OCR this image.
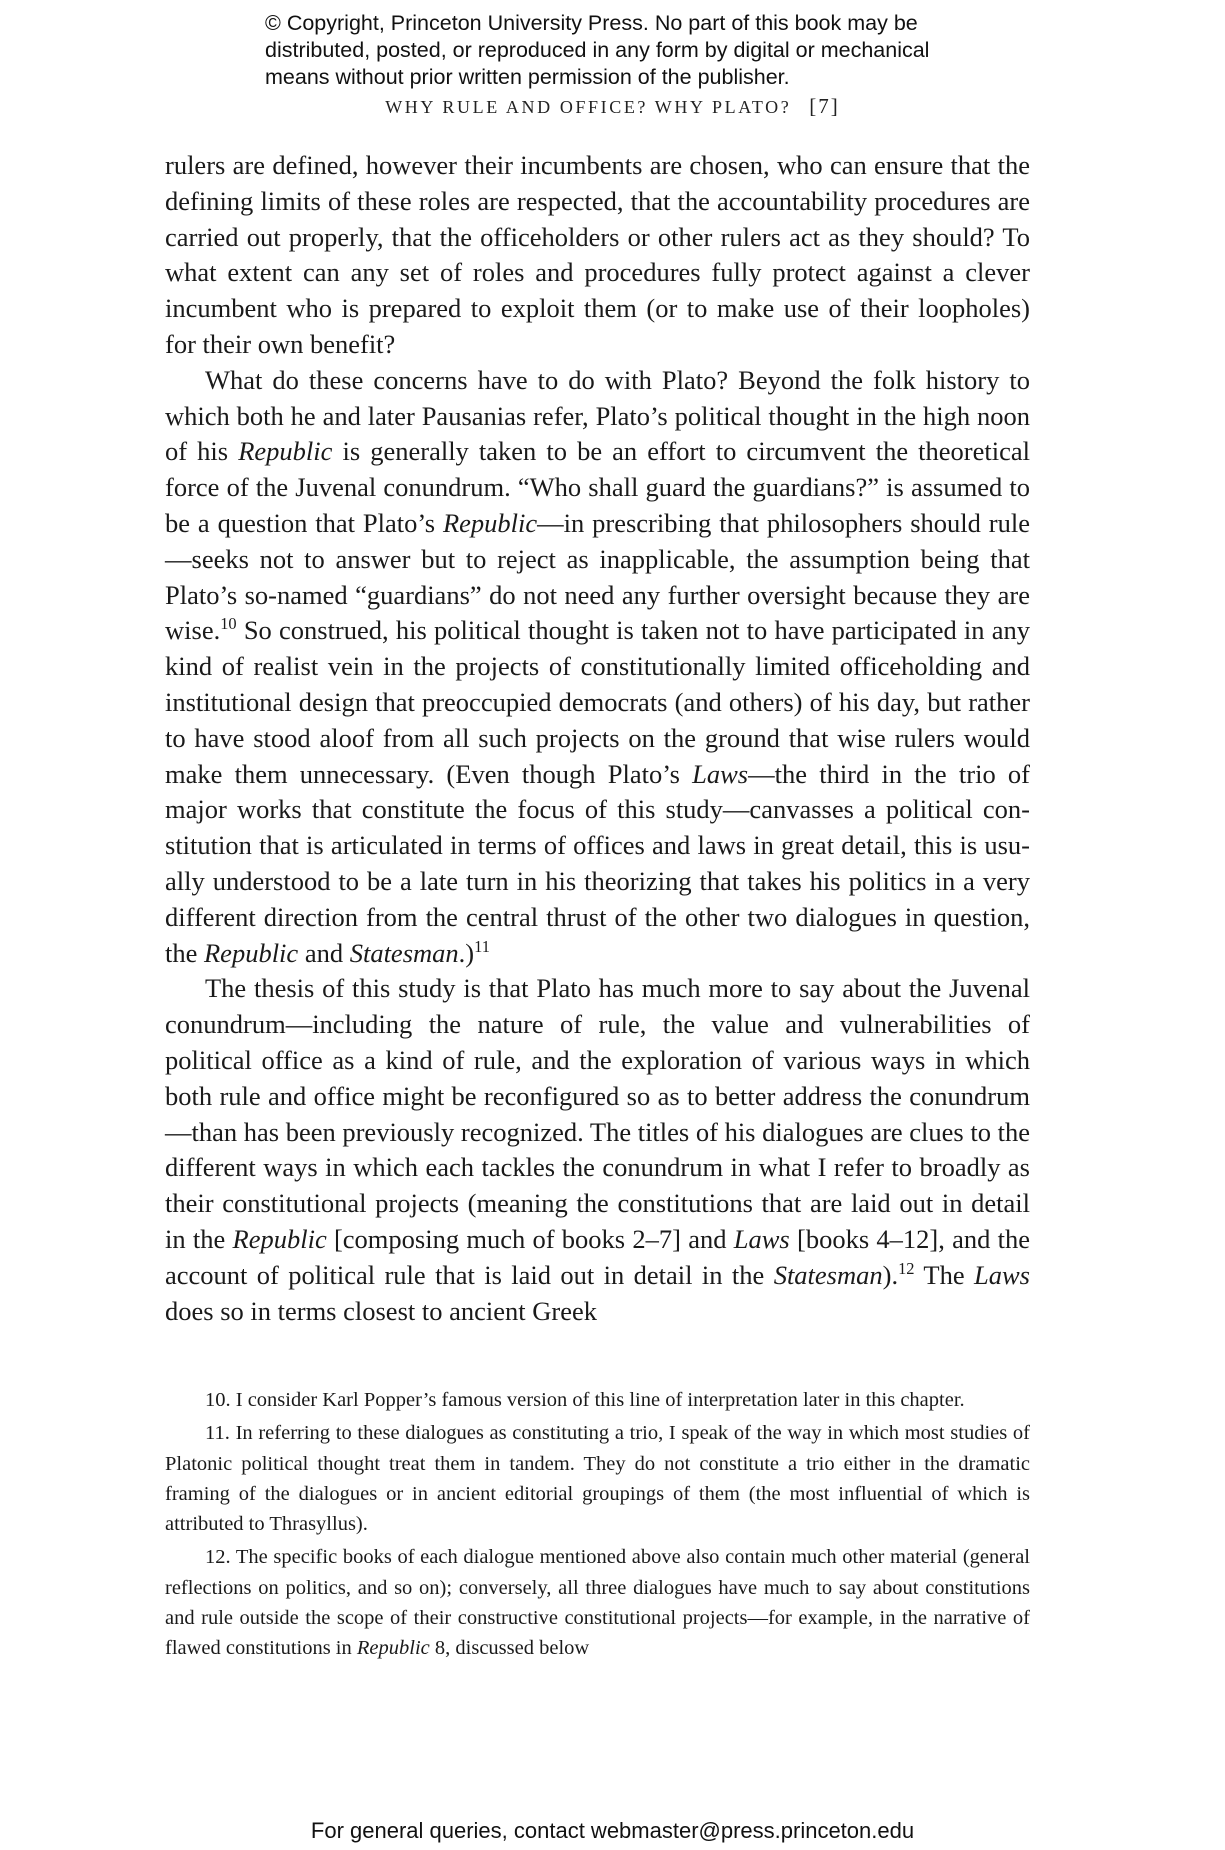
© Copyright, Princeton University Press. No part of this book may be

distributed, posted, or reproduced in any form by digital or mechanical

means without prior written permission of the publisher.

WHY RULE AND OFFICE? WHY PLATO? [7]

rulers are defined, however their incumbents are chosen, who can ensure that the defining limits of these roles are respected, that the accountability procedures are carried out properly, that the officeholders or other rulers act as they should? To what extent can any set of roles and procedures fully protect against a clever incumbent who is prepared to exploit them (or to make use of their loopholes) for their own benefit?

What do these concerns have to do with Plato? Beyond the folk history to which both he and later Pausanias refer, Plato’s political thought in the high noon of his Republic is generally taken to be an effort to circumvent the theoretical force of the Juvenal conundrum. “Who shall guard the guardians?” is assumed to be a question that Plato’s Republic—in prescribing that philosophers should rule—seeks not to answer but to reject as inapplicable, the assumption being that Plato’s so-named “guardians” do not need any further oversight because they are wise.$^{10}$ So construed, his political thought is taken not to have participated in any kind of realist vein in the projects of constitutionally limited officeholding and institutional design that preoccupied democrats (and others) of his day, but rather to have stood aloof from all such projects on the ground that wise rulers would make them unnecessary. (Even though Plato’s Laws—the third in the trio of major works that constitute the focus of this study—canvasses a political constitution that is articulated in terms of offices and laws in great detail, this is usually understood to be a late turn in his theorizing that takes his politics in a very different direction from the central thrust of the other two dialogues in question, the Republic and Statesman.)$^{11}$

The thesis of this study is that Plato has much more to say about the Juvenal conundrum—including the nature of rule, the value and vulnerabilities of political office as a kind of rule, and the exploration of various ways in which both rule and office might be reconfigured so as to better address the conundrum—than has been previously recognized. The titles of his dialogues are clues to the different ways in which each tackles the conundrum in what I refer to broadly as their constitutional projects (meaning the constitutions that are laid out in detail in the Republic [composing much of books 2–7] and Laws [books 4–12], and the account of political rule that is laid out in detail in the Statesman).$^{12}$ The Laws does so in terms closest to ancient Greek

10. I consider Karl Popper’s famous version of this line of interpretation later in this chapter.

11. In referring to these dialogues as constituting a trio, I speak of the way in which most studies of Platonic political thought treat them in tandem. They do not constitute a trio either in the dramatic framing of the dialogues or in ancient editorial groupings of them (the most influential of which is attributed to Thrasyllus).

12. The specific books of each dialogue mentioned above also contain much other material (general reflections on politics, and so on); conversely, all three dialogues have much to say about constitutions and rule outside the scope of their constructive constitutional projects—for example, in the narrative of flawed constitutions in Republic 8, discussed below

For general queries, contact webmaster@press.princeton.edu
